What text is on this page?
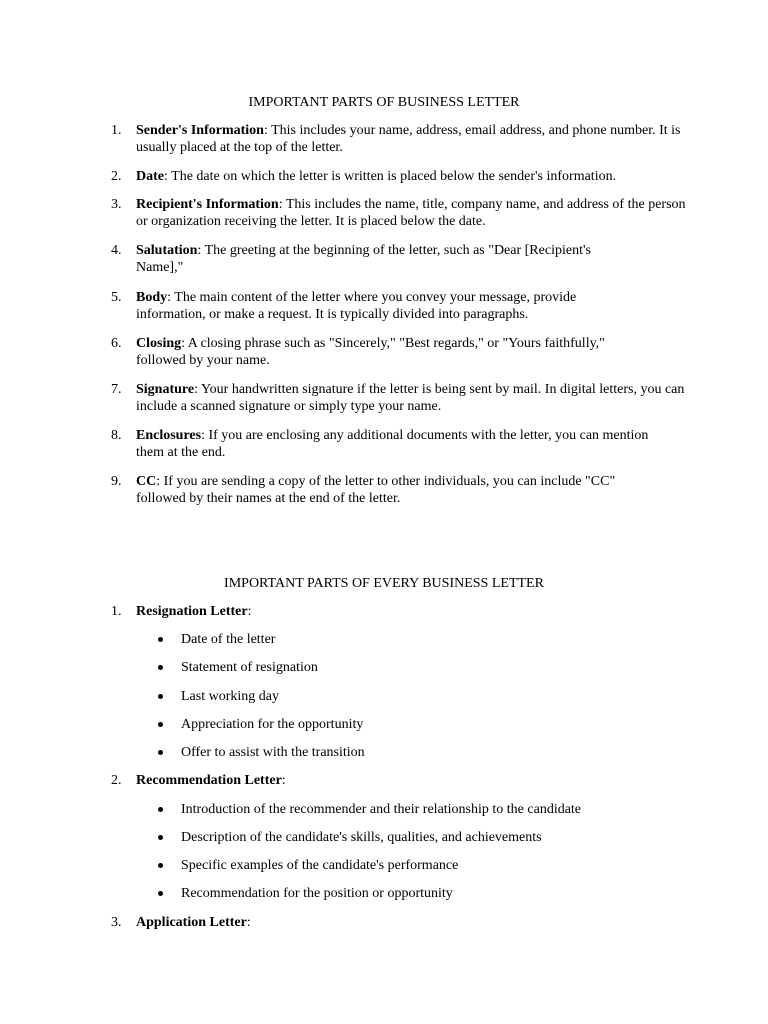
IMPORTANT PARTS OF BUSINESS LETTER
1.	Sender's Information: This includes your name, address, email address, and phone number. It is usually placed at the top of the letter.
2.	Date: The date on which the letter is written is placed below the sender's information.
3.	Recipient's Information: This includes the name, title, company name, and address of the person or organization receiving the letter. It is placed below the date.
4.	Salutation: The greeting at the beginning of the letter, such as "Dear [Recipient's Name],"
5.	Body: The main content of the letter where you convey your message, provide information, or make a request. It is typically divided into paragraphs.
6.	Closing: A closing phrase such as "Sincerely," "Best regards," or "Yours faithfully," followed by your name.
7.	Signature: Your handwritten signature if the letter is being sent by mail. In digital letters, you can include a scanned signature or simply type your name.
8.	Enclosures: If you are enclosing any additional documents with the letter, you can mention them at the end.
9.	CC: If you are sending a copy of the letter to other individuals, you can include "CC" followed by their names at the end of the letter.
IMPORTANT PARTS OF EVERY BUSINESS LETTER
1.	Resignation Letter:
Date of the letter
Statement of resignation
Last working day
Appreciation for the opportunity
Offer to assist with the transition
2.	Recommendation Letter:
Introduction of the recommender and their relationship to the candidate
Description of the candidate's skills, qualities, and achievements
Specific examples of the candidate's performance
Recommendation for the position or opportunity
3.	Application Letter:
